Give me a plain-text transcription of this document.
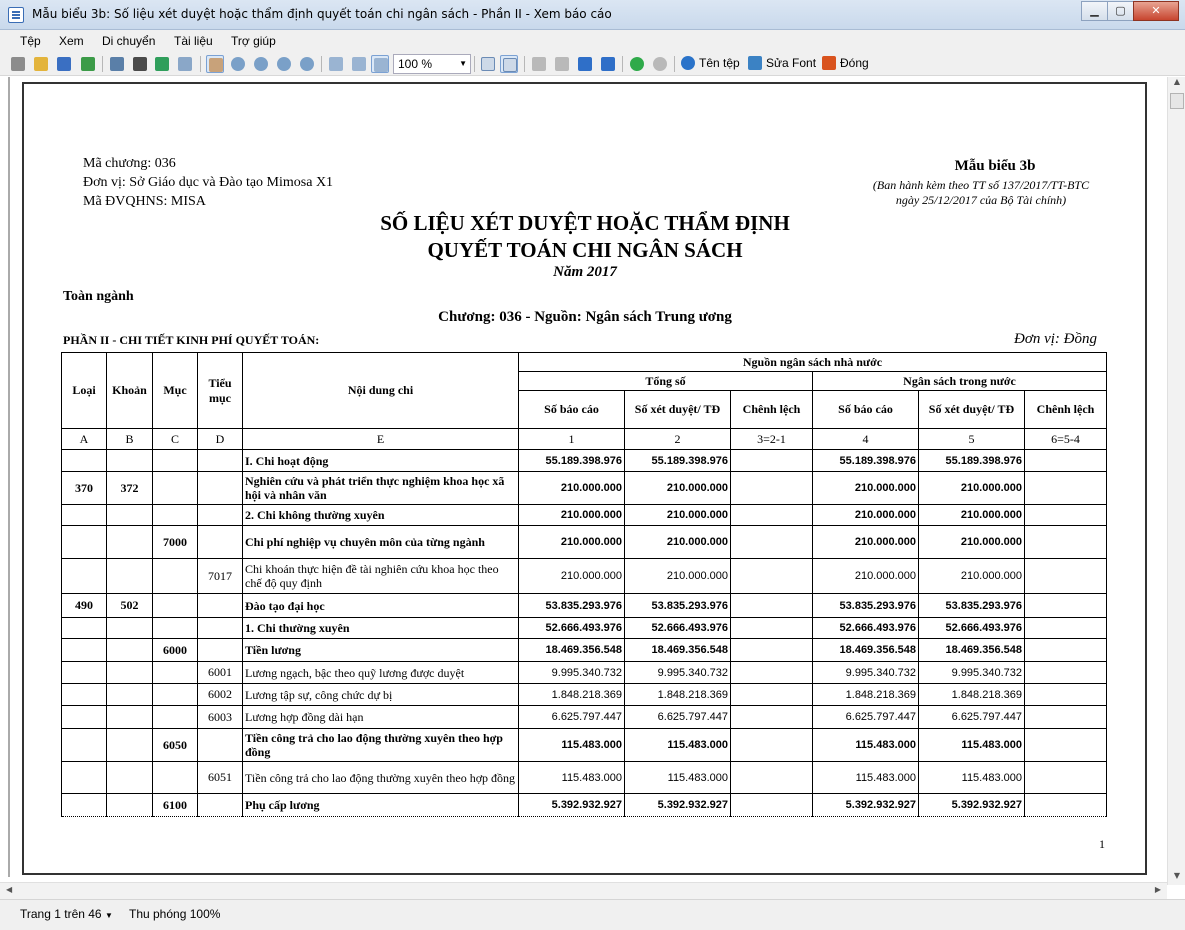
Mẫu biểu 3b: Số liệu xét duyệt hoặc thẩm định quyết toán chi ngân sách - Phần II - Xem báo cáo	▁	▢	✕
Tệp Xem Di chuyển Tài liệu Trợ giúp
100 %	▼	Tên tệp	Sửa Font	Đóng
Mã chương: 036
Đơn vị: Sở Giáo dục và Đào tạo Mimosa X1
Mã ĐVQHNS: MISA
Mẫu biểu 3b
(Ban hành kèm theo TT số 137/2017/TT-BTC
ngày 25/12/2017 của Bộ Tài chính)
SỐ LIỆU XÉT DUYỆT HOẶC THẨM ĐỊNH
QUYẾT TOÁN CHI NGÂN SÁCH
Năm 2017
Toàn ngành
Chương: 036 - Nguồn: Ngân sách Trung ương
PHẦN II - CHI TIẾT KINH PHÍ QUYẾT TOÁN:	Đơn vị: Đồng
Loại	Khoản	Mục	Tiểu mục	Nội dung chi	Nguồn ngân sách nhà nước					
					Tổng số			Ngân sách trong nước		
					Số báo cáo	Số xét duyệt/ TĐ	Chênh lệch	Số báo cáo	Số xét duyệt/ TĐ	Chênh lệch
A	B	C	D	E	1	2	3=2-1	4	5	6=5-4
				I. Chi hoạt động	55.189.398.976	55.189.398.976		55.189.398.976	55.189.398.976	
370	372			Nghiên cứu và phát triển thực nghiệm khoa học xã hội và nhân văn	210.000.000	210.000.000		210.000.000	210.000.000	
				2. Chi không thường xuyên	210.000.000	210.000.000		210.000.000	210.000.000	
		7000		Chi phí nghiệp vụ chuyên môn của từng ngành	210.000.000	210.000.000		210.000.000	210.000.000	
			7017	Chi khoán thực hiện đề tài nghiên cứu khoa học theo chế độ quy định	210.000.000	210.000.000		210.000.000	210.000.000	
490	502			Đào tạo đại học	53.835.293.976	53.835.293.976		53.835.293.976	53.835.293.976	
				1. Chi thường xuyên	52.666.493.976	52.666.493.976		52.666.493.976	52.666.493.976	
		6000		Tiền lương	18.469.356.548	18.469.356.548		18.469.356.548	18.469.356.548	
			6001	Lương ngạch, bậc theo quỹ lương được duyệt	9.995.340.732	9.995.340.732		9.995.340.732	9.995.340.732	
			6002	Lương tập sự, công chức dự bị	1.848.218.369	1.848.218.369		1.848.218.369	1.848.218.369	
			6003	Lương hợp đồng dài hạn	6.625.797.447	6.625.797.447		6.625.797.447	6.625.797.447	
		6050		Tiền công trả cho lao động thường xuyên theo hợp đồng	115.483.000	115.483.000		115.483.000	115.483.000	
			6051	Tiền công trả cho lao động thường xuyên theo hợp đồng	115.483.000	115.483.000		115.483.000	115.483.000	
		6100		Phụ cấp lương	5.392.932.927	5.392.932.927		5.392.932.927	5.392.932.927	
1
▲
▼
◀	▶
Trang 1 trên 46 ▼ Thu phóng 100%
